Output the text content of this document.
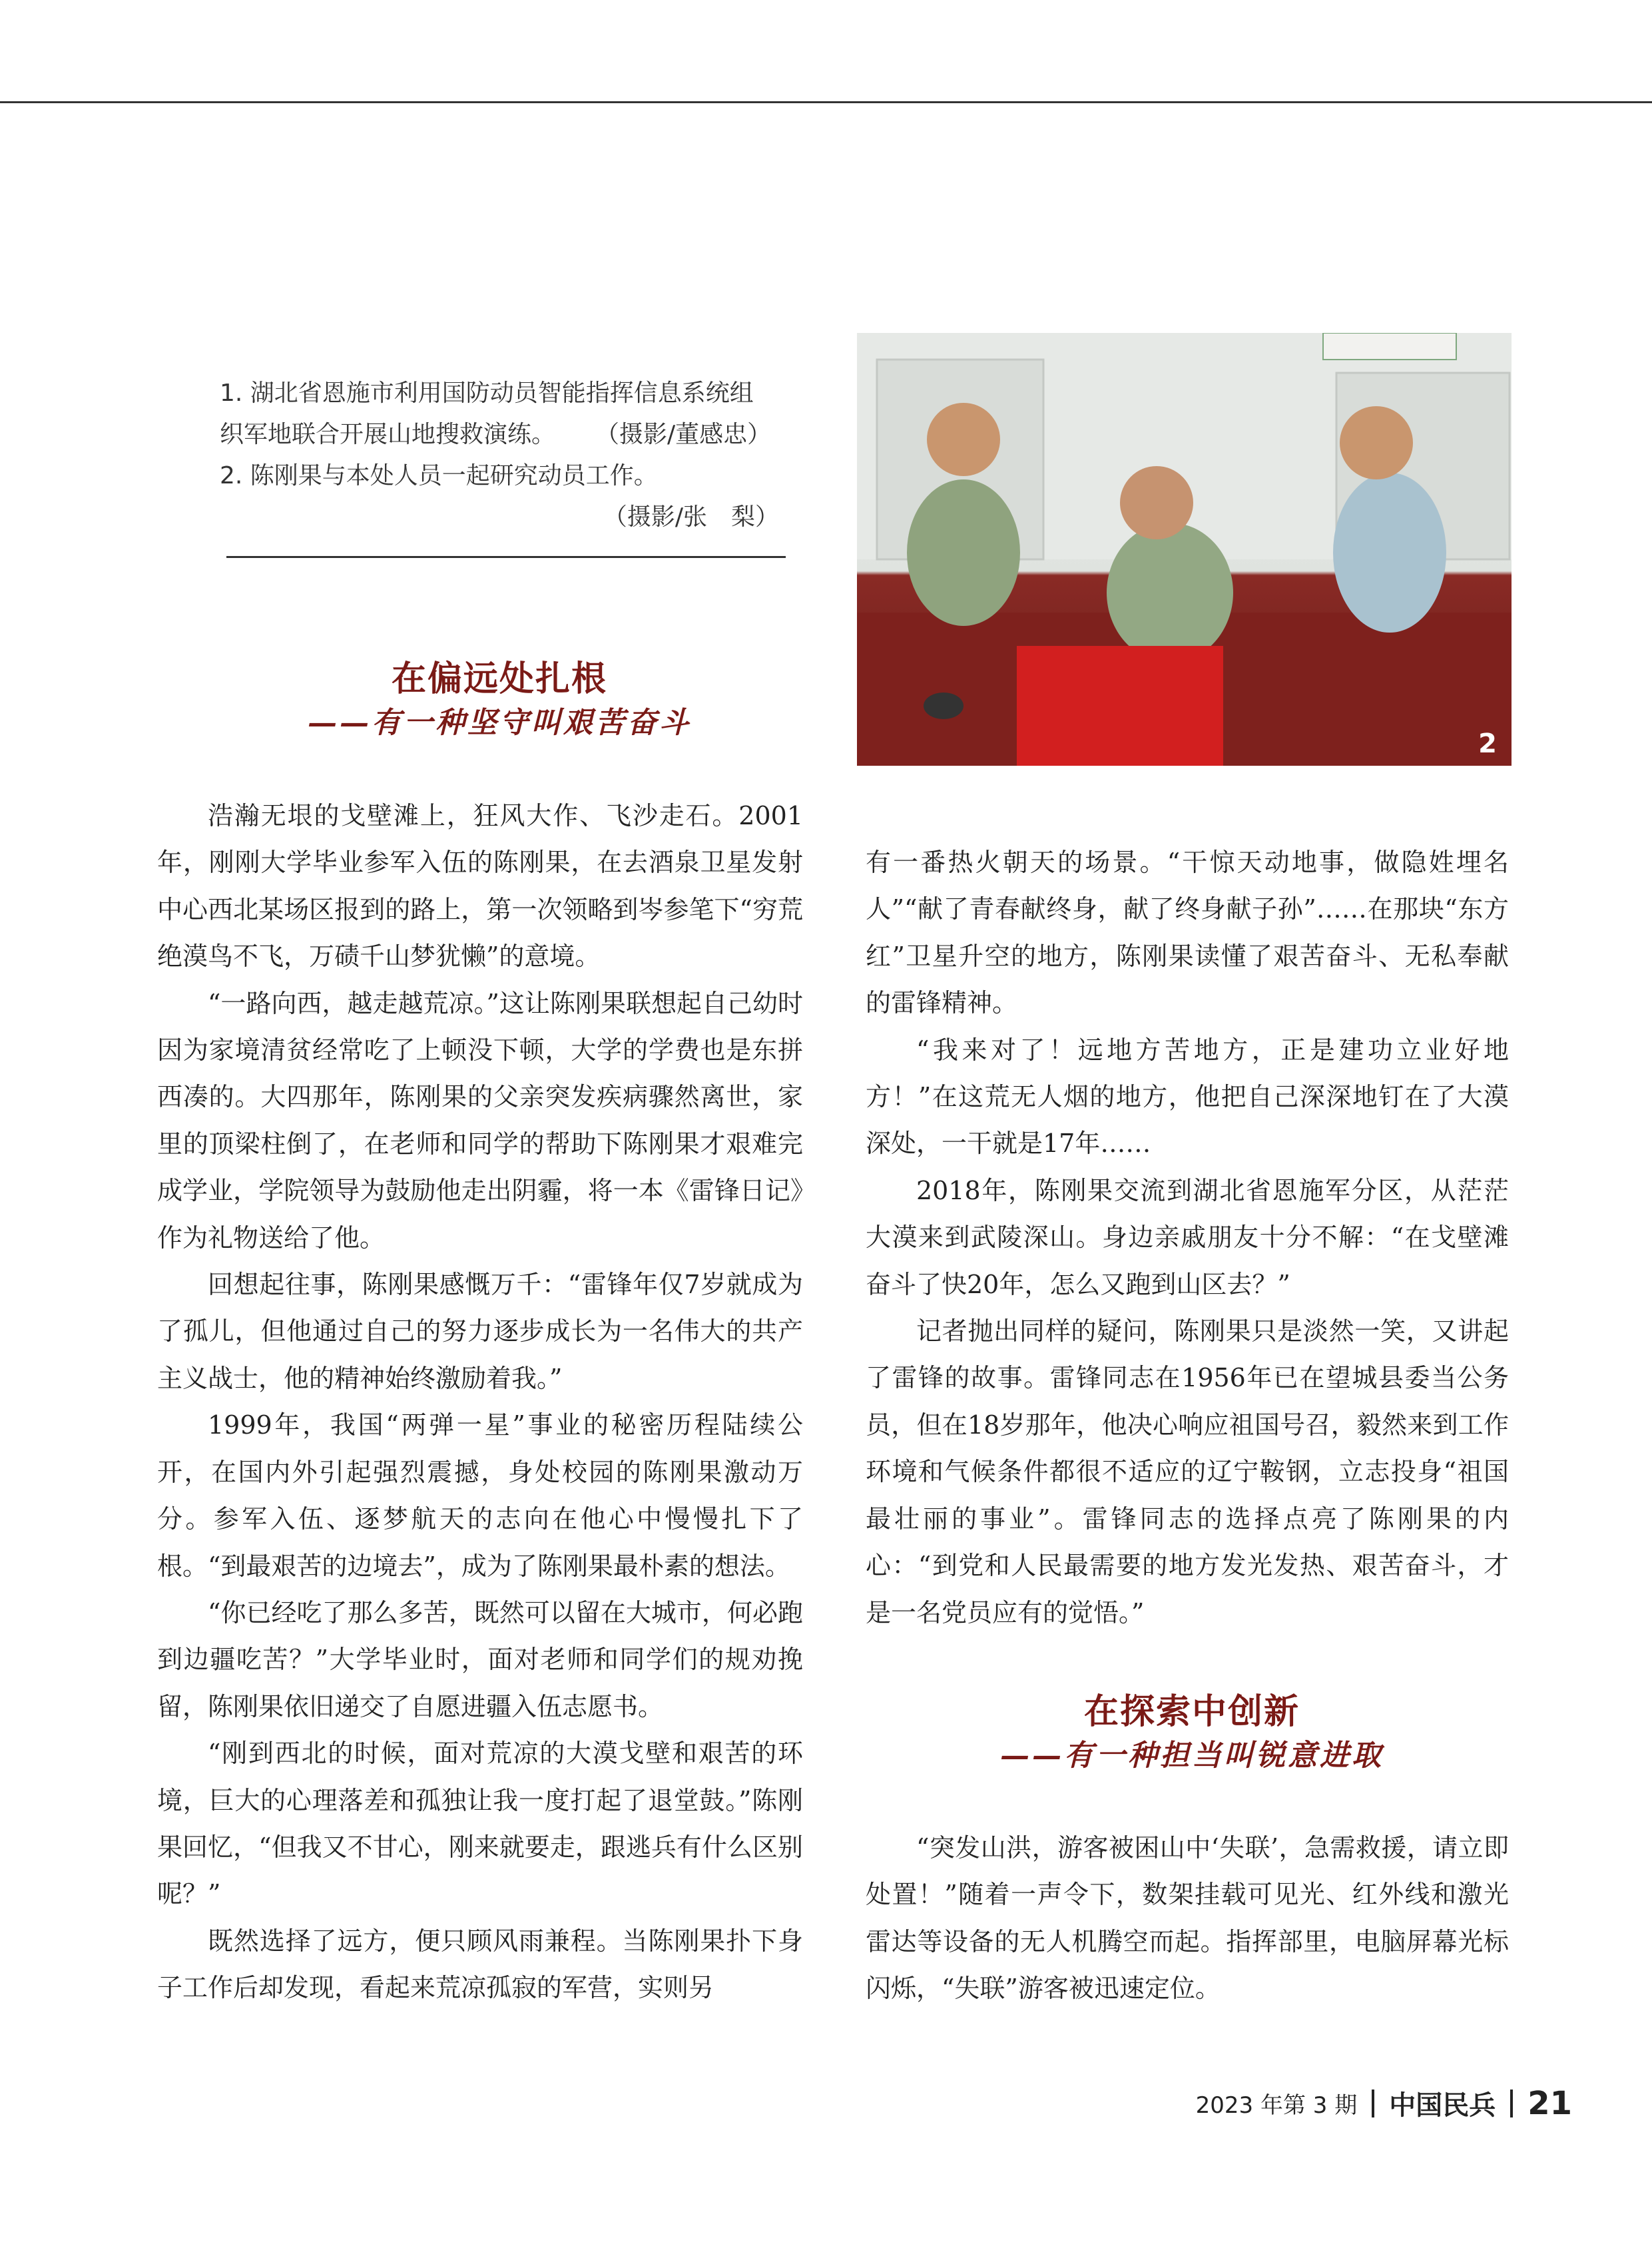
1. 湖北省恩施市利用国防动员智能指挥信息系统组

织军地联合开展山地搜救演练。 （摄影/董感忠）

2. 陈刚果与本处人员一起研究动员工作。

（摄影/张　梨）

2
在偏远处扎根
——有一种坚守叫艰苦奋斗

浩瀚无垠的戈壁滩上，狂风大作、飞沙走石。2001年，刚刚大学毕业参军入伍的陈刚果，在去酒泉卫星发射中心西北某场区报到的路上，第一次领略到岑参笔下“穷荒绝漠鸟不飞，万碛千山梦犹懒”的意境。

“一路向西，越走越荒凉。”这让陈刚果联想起自己幼时因为家境清贫经常吃了上顿没下顿，大学的学费也是东拼西凑的。大四那年，陈刚果的父亲突发疾病骤然离世，家里的顶梁柱倒了，在老师和同学的帮助下陈刚果才艰难完成学业，学院领导为鼓励他走出阴霾，将一本《雷锋日记》作为礼物送给了他。

回想起往事，陈刚果感慨万千：“雷锋年仅7岁就成为了孤儿，但他通过自己的努力逐步成长为一名伟大的共产主义战士，他的精神始终激励着我。”

1999年，我国“两弹一星”事业的秘密历程陆续公开，在国内外引起强烈震撼，身处校园的陈刚果激动万分。参军入伍、逐梦航天的志向在他心中慢慢扎下了根。“到最艰苦的边境去”，成为了陈刚果最朴素的想法。

“你已经吃了那么多苦，既然可以留在大城市，何必跑到边疆吃苦？”大学毕业时，面对老师和同学们的规劝挽留，陈刚果依旧递交了自愿进疆入伍志愿书。

“刚到西北的时候，面对荒凉的大漠戈壁和艰苦的环境，巨大的心理落差和孤独让我一度打起了退堂鼓。”陈刚果回忆，“但我又不甘心，刚来就要走，跟逃兵有什么区别呢？”

既然选择了远方，便只顾风雨兼程。当陈刚果扑下身子工作后却发现，看起来荒凉孤寂的军营，实则另

有一番热火朝天的场景。“干惊天动地事，做隐姓埋名人”“献了青春献终身，献了终身献子孙”……在那块“东方红”卫星升空的地方，陈刚果读懂了艰苦奋斗、无私奉献的雷锋精神。

“我来对了！远地方苦地方，正是建功立业好地方！”在这荒无人烟的地方，他把自己深深地钉在了大漠深处，一干就是17年……

2018年，陈刚果交流到湖北省恩施军分区，从茫茫大漠来到武陵深山。身边亲戚朋友十分不解：“在戈壁滩奋斗了快20年，怎么又跑到山区去？”

记者抛出同样的疑问，陈刚果只是淡然一笑，又讲起了雷锋的故事。雷锋同志在1956年已在望城县委当公务员，但在18岁那年，他决心响应祖国号召，毅然来到工作环境和气候条件都很不适应的辽宁鞍钢，立志投身“祖国最壮丽的事业”。雷锋同志的选择点亮了陈刚果的内心：“到党和人民最需要的地方发光发热、艰苦奋斗，才是一名党员应有的觉悟。”

在探索中创新
——有一种担当叫锐意进取

“突发山洪，游客被困山中‘失联’，急需救援，请立即处置！”随着一声令下，数架挂载可见光、红外线和激光雷达等设备的无人机腾空而起。指挥部里，电脑屏幕光标闪烁，“失联”游客被迅速定位。

2023 年第 3 期 中国民兵 21
